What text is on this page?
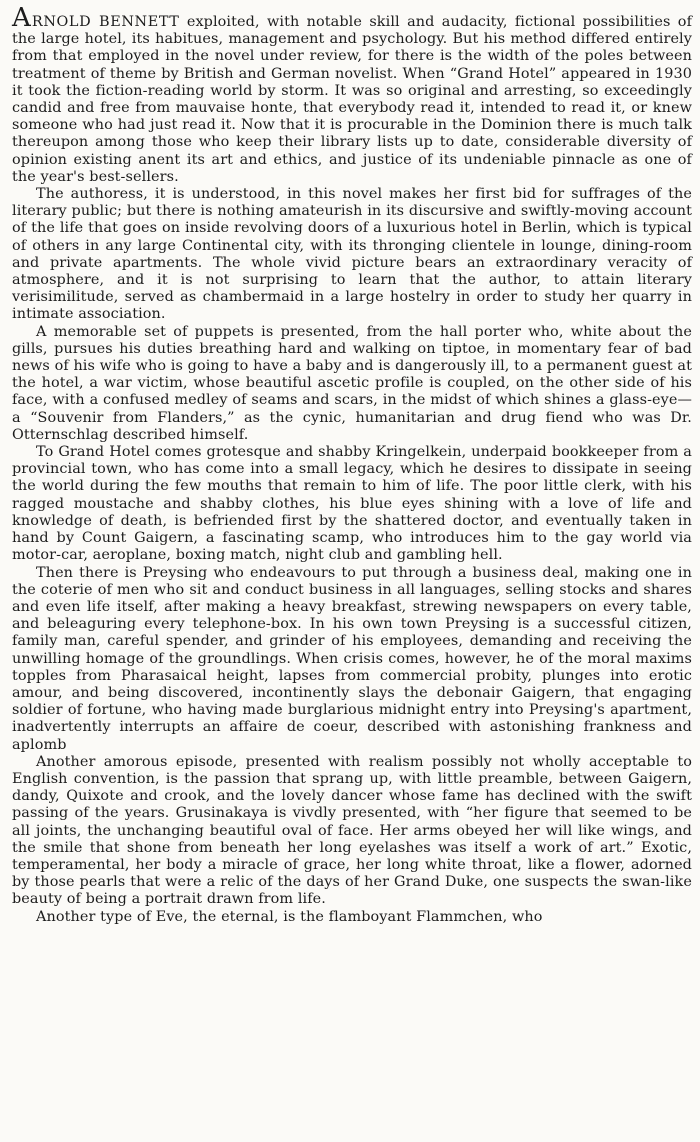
ARNOLD BENNETT exploited, with notable skill and audacity, fictional possibilities of the large hotel, its habitues, management and psychology. But his method differed entirely from that employed in the novel under review, for there is the width of the poles between treatment of theme by British and German novelist. When “Grand Hotel” appeared in 1930 it took the fiction-reading world by storm. It was so original and arresting, so exceedingly candid and free from mauvaise honte, that everybody read it, intended to read it, or knew someone who had just read it. Now that it is procurable in the Dominion there is much talk thereupon among those who keep their library lists up to date, considerable diversity of opinion existing anent its art and ethics, and justice of its undeniable pinnacle as one of the year's best-sellers.

The authoress, it is understood, in this novel makes her first bid for suffrages of the literary public; but there is nothing amateurish in its discursive and swiftly-moving account of the life that goes on inside revolving doors of a luxurious hotel in Berlin, which is typical of others in any large Continental city, with its thronging clientele in lounge, dining-room and private apartments. The whole vivid picture bears an extraordinary veracity of atmosphere, and it is not surprising to learn that the author, to attain literary verisimilitude, served as chambermaid in a large hostelry in order to study her quarry in intimate association.

A memorable set of puppets is presented, from the hall porter who, white about the gills, pursues his duties breathing hard and walking on tiptoe, in momentary fear of bad news of his wife who is going to have a baby and is dangerously ill, to a permanent guest at the hotel, a war victim, whose beautiful ascetic profile is coupled, on the other side of his face, with a confused medley of seams and scars, in the midst of which shines a glass-eye—a “Souvenir from Flanders,” as the cynic, humanitarian and drug fiend who was Dr. Otternschlag described himself.

To Grand Hotel comes grotesque and shabby Kringelkein, underpaid bookkeeper from a provincial town, who has come into a small legacy, which he desires to dissipate in seeing the world during the few mouths that remain to him of life. The poor little clerk, with his ragged moustache and shabby clothes, his blue eyes shining with a love of life and knowledge of death, is befriended first by the shattered doctor, and eventually taken in hand by Count Gaigern, a fascinating scamp, who introduces him to the gay world via motor-car, aeroplane, boxing match, night club and gambling hell.

Then there is Preysing who endeavours to put through a business deal, making one in the coterie of men who sit and conduct business in all languages, selling stocks and shares and even life itself, after making a heavy breakfast, strewing newspapers on every table, and beleaguring every telephone-box. In his own town Preysing is a successful citizen, family man, careful spender, and grinder of his employees, demanding and receiving the unwilling homage of the groundlings. When crisis comes, however, he of the moral maxims topples from Pharasaical height, lapses from commercial probity, plunges into erotic amour, and being discovered, incontinently slays the debonair Gaigern, that engaging soldier of fortune, who having made burglarious midnight entry into Preysing's apartment, inadvertently interrupts an affaire de coeur, described with astonishing frankness and aplomb

Another amorous episode, presented with realism possibly not wholly acceptable to English convention, is the passion that sprang up, with little preamble, between Gaigern, dandy, Quixote and crook, and the lovely dancer whose fame has declined with the swift passing of the years. Grusinakaya is vivdly presented, with “her figure that seemed to be all joints, the unchanging beautiful oval of face. Her arms obeyed her will like wings, and the smile that shone from beneath her long eyelashes was itself a work of art.” Exotic, temperamental, her body a miracle of grace, her long white throat, like a flower, adorned by those pearls that were a relic of the days of her Grand Duke, one suspects the swan-like beauty of being a portrait drawn from life.

Another type of Eve, the eternal, is the flamboyant Flammchen, who
